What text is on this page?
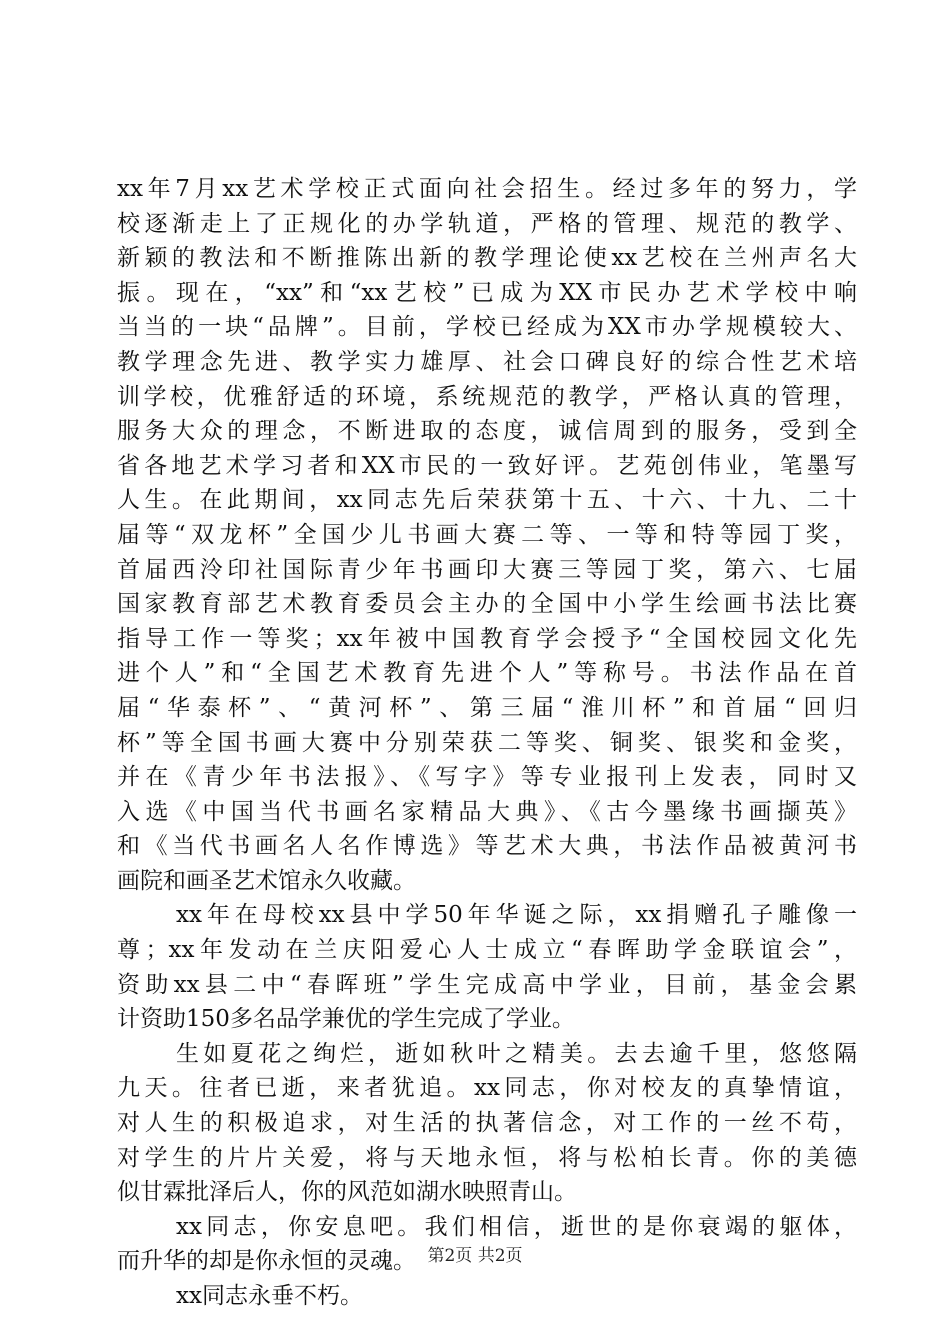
xx年7月xx艺术学校正式面向社会招生。经过多年的努力，学
校逐渐走上了正规化的办学轨道，严格的管理、规范的教学、
新颖的教法和不断推陈出新的教学理论使xx艺校在兰州声名大
振。现在，“xx”和“xx艺校”已成为XX市民办艺术学校中响
当当的一块“品牌”。目前，学校已经成为XX市办学规模较大、
教学理念先进、教学实力雄厚、社会口碑良好的综合性艺术培
训学校，优雅舒适的环境，系统规范的教学，严格认真的管理，
服务大众的理念，不断进取的态度，诚信周到的服务，受到全
省各地艺术学习者和XX市民的一致好评。艺苑创伟业，笔墨写
人生。在此期间，xx同志先后荣获第十五、十六、十九、二十
届等“双龙杯”全国少儿书画大赛二等、一等和特等园丁奖，
首届西泠印社国际青少年书画印大赛三等园丁奖，第六、七届
国家教育部艺术教育委员会主办的全国中小学生绘画书法比赛
指导工作一等奖；xx年被中国教育学会授予“全国校园文化先
进个人”和“全国艺术教育先进个人”等称号。书法作品在首
届“华泰杯”、“黄河杯”、第三届“淮川杯”和首届“回归
杯”等全国书画大赛中分别荣获二等奖、铜奖、银奖和金奖，
并在《青少年书法报》、《写字》等专业报刊上发表，同时又
入选《中国当代书画名家精品大典》、《古今墨缘书画撷英》
和《当代书画名人名作博选》等艺术大典，书法作品被黄河书
画院和画圣艺术馆永久收藏。
xx年在母校xx县中学50年华诞之际，xx捐赠孔子雕像一
尊；xx年发动在兰庆阳爱心人士成立“春晖助学金联谊会”，
资助xx县二中“春晖班”学生完成高中学业，目前，基金会累
计资助150多名品学兼优的学生完成了学业。
生如夏花之绚烂，逝如秋叶之精美。去去逾千里，悠悠隔
九天。往者已逝，来者犹追。xx同志，你对校友的真挚情谊，
对人生的积极追求，对生活的执著信念，对工作的一丝不苟，
对学生的片片关爱，将与天地永恒，将与松柏长青。你的美德
似甘霖批泽后人，你的风范如湖水映照青山。
xx同志，你安息吧。我们相信，逝世的是你衰竭的躯体，
而升华的却是你永恒的灵魂。
xx同志永垂不朽。
第2页 共2页
